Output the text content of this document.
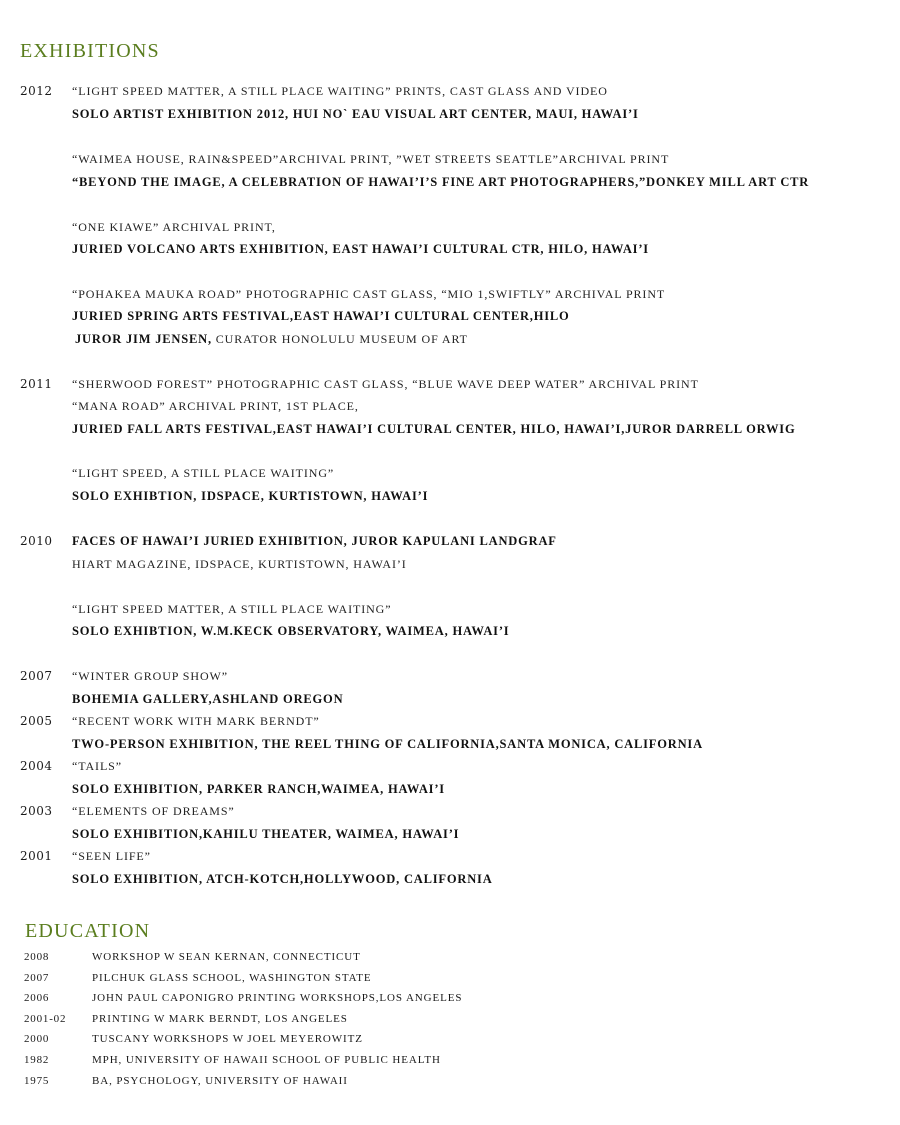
EXHIBITIONS
2012 “LIGHT SPEED MATTER, A STILL PLACE WAITING” PRINTS, CAST GLASS AND VIDEO
SOLO ARTIST EXHIBITION 2012, HUI NO` EAU VISUAL ART CENTER, MAUI, HAWAI’I
“WAIMEA HOUSE, RAIN&SPEED”ARCHIVAL PRINT, ”WET STREETS SEATTLE”ARCHIVAL PRINT
“BEYOND THE IMAGE, A CELEBRATION OF HAWAI’I’S FINE ART PHOTOGRAPHERS,”DONKEY MILL ART CTR
“ONE KIAWE” ARCHIVAL PRINT,
JURIED VOLCANO ARTS EXHIBITION, EAST HAWAI’I CULTURAL CTR, HILO, HAWAI’I
“POHAKEA MAUKA ROAD” PHOTOGRAPHIC CAST GLASS, “MIO 1,SWIFTLY” ARCHIVAL PRINT
JURIED SPRING ARTS FESTIVAL,EAST HAWAI’I CULTURAL CENTER,HILO
JUROR JIM JENSEN, CURATOR HONOLULU MUSEUM OF ART
2011 “SHERWOOD FOREST” PHOTOGRAPHIC CAST GLASS, “BLUE WAVE DEEP WATER” ARCHIVAL PRINT
“MANA ROAD” ARCHIVAL PRINT, 1ST PLACE,
JURIED FALL ARTS FESTIVAL,EAST HAWAI’I CULTURAL CENTER, HILO, HAWAI’I,JUROR DARRELL ORWIG
“LIGHT SPEED, A STILL PLACE WAITING”
SOLO EXHIBTION, IDSPACE, KURTISTOWN, HAWAI’I
2010 FACES OF HAWAI’I JURIED EXHIBITION, JUROR KAPULANI LANDGRAF
HIART MAGAZINE, IDSPACE, KURTISTOWN, HAWAI’I
“LIGHT SPEED MATTER, A STILL PLACE WAITING”
SOLO EXHIBTION, W.M.KECK OBSERVATORY, WAIMEA, HAWAI’I
2007 “WINTER GROUP SHOW”
BOHEMIA GALLERY,ASHLAND OREGON
2005 “RECENT WORK WITH MARK BERNDT”
TWO-PERSON EXHIBITION, THE REEL THING OF CALIFORNIA,SANTA MONICA, CALIFORNIA
2004 “TAILS”
SOLO EXHIBITION, PARKER RANCH,WAIMEA, HAWAI’I
2003 “ELEMENTS OF DREAMS”
SOLO EXHIBITION,KAHILU THEATER, WAIMEA, HAWAI’I
2001 “SEEN LIFE”
SOLO EXHIBITION, ATCH-KOTCH,HOLLYWOOD, CALIFORNIA
EDUCATION
2008	WORKSHOP W SEAN KERNAN, CONNECTICUT
2007	PILCHUK GLASS SCHOOL, WASHINGTON STATE
2006	JOHN PAUL CAPONIGRO PRINTING WORKSHOPS,LOS ANGELES
2001-02 PRINTING W MARK BERNDT, LOS ANGELES
2000	TUSCANY WORKSHOPS W JOEL MEYEROWITZ
1982	MPH, UNIVERSITY OF HAWAII SCHOOL OF PUBLIC HEALTH
1975	BA, PSYCHOLOGY, UNIVERSITY OF HAWAII
